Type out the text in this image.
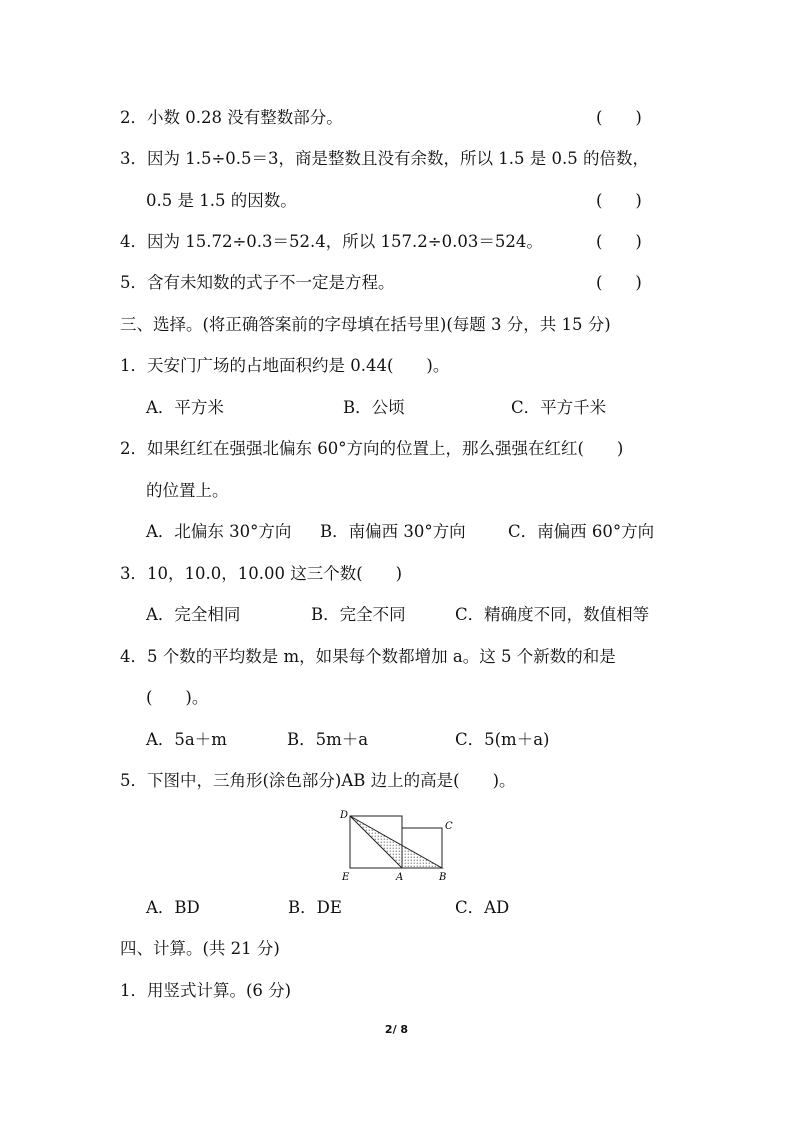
2．小数 0.28 没有整数部分。	(　　)
3．因为 1.5÷0.5＝3，商是整数且没有余数，所以 1.5 是 0.5 的倍数，
0.5 是 1.5 的因数。	(　　)
4．因为 15.72÷0.3＝52.4，所以 157.2÷0.03＝524。	(　　)
5．含有未知数的式子不一定是方程。	(　　)
三、选择。(将正确答案前的字母填在括号里)(每题 3 分，共 15 分)
1．天安门广场的占地面积约是 0.44(　　)。
A．平方米	B．公顷	C．平方千米
2．如果红红在强强北偏东 60°方向的位置上，那么强强在红红(　　)
的位置上。
A．北偏东 30°方向 B．南偏西 30°方向	C．南偏西 60°方向
3．10，10.0，10.00 这三个数(　　)
A．完全相同	B．完全不同	C．精确度不同，数值相等
4．5 个数的平均数是 m，如果每个数都增加 a。这 5 个新数的和是
(　　)。
A．5a＋m	B．5m＋a	C．5(m＋a)
5．下图中，三角形(涂色部分)AB 边上的高是(　　)。
D
C
E	A	B
A．BD	B．DE	C．AD
四、计算。(共 21 分)
1．用竖式计算。(6 分)
2/ 8
